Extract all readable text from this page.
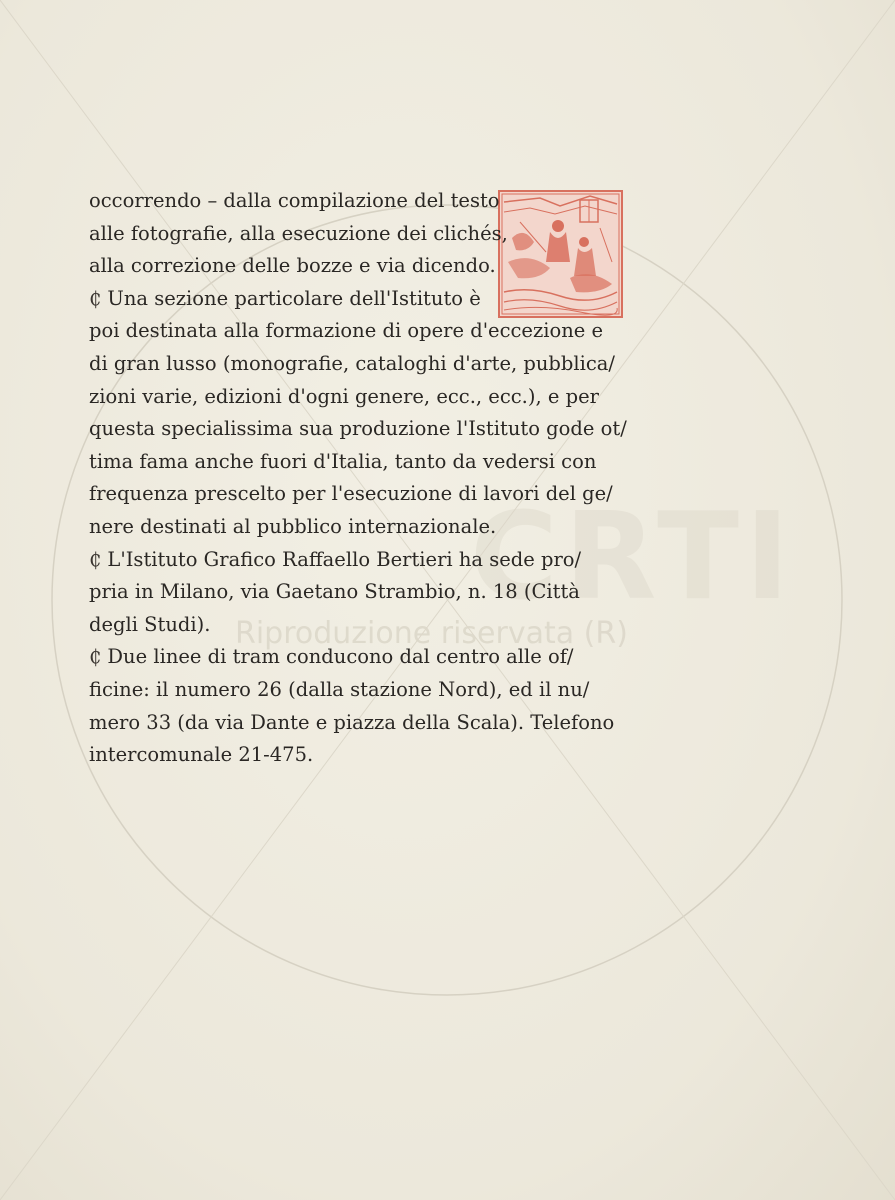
CRTI
Riproduzione riservata (R)
occorrendo – dalla compilazione del testo
alle fotografie, alla esecuzione dei clichés,
alla correzione delle bozze e via dicendo.
₵ Una sezione particolare dell'Istituto è
poi destinata alla formazione di opere d'eccezione e
di gran lusso (monografie, cataloghi d'arte, pubblica/
zioni varie, edizioni d'ogni genere, ecc., ecc.), e per
questa specialissima sua produzione l'Istituto gode ot/
tima fama anche fuori d'Italia, tanto da vedersi con
frequenza prescelto per l'esecuzione di lavori del ge/
nere destinati al pubblico internazionale.
₵ L'Istituto Grafico Raffaello Bertieri ha sede pro/
pria in Milano, via Gaetano Strambio, n. 18 (Città
degli Studi).
₵ Due linee di tram conducono dal centro alle of/
ficine: il numero 26 (dalla stazione Nord), ed il nu/
mero 33 (da via Dante e piazza della Scala). Telefono
intercomunale 21-475.
